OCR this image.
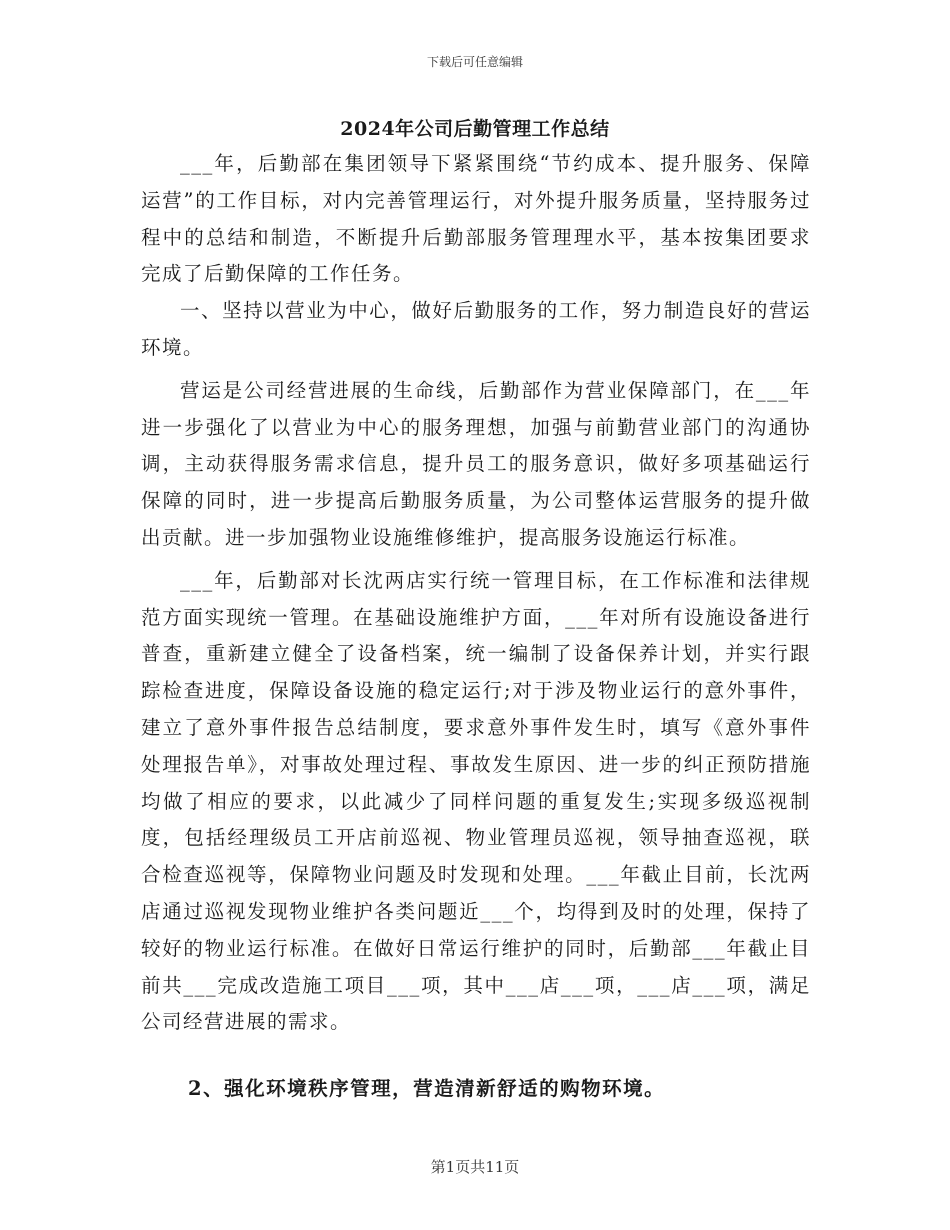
下载后可任意编辑
2024年公司后勤管理工作总结

___年，后勤部在集团领导下紧紧围绕“节约成本、提升服务、保障运营”的工作目标，对内完善管理运行，对外提升服务质量，坚持服务过程中的总结和制造，不断提升后勤部服务管理理水平，基本按集团要求完成了后勤保障的工作任务。

一、坚持以营业为中心，做好后勤服务的工作，努力制造良好的营运环境。

营运是公司经营进展的生命线，后勤部作为营业保障部门，在___年进一步强化了以营业为中心的服务理想，加强与前勤营业部门的沟通协调，主动获得服务需求信息，提升员工的服务意识，做好多项基础运行保障的同时，进一步提高后勤服务质量，为公司整体运营服务的提升做出贡献。进一步加强物业设施维修维护，提高服务设施运行标准。

___年，后勤部对长沈两店实行统一管理目标，在工作标准和法律规范方面实现统一管理。在基础设施维护方面，___年对所有设施设备进行普查，重新建立健全了设备档案，统一编制了设备保养计划，并实行跟踪检查进度，保障设备设施的稳定运行;对于涉及物业运行的意外事件，建立了意外事件报告总结制度，要求意外事件发生时，填写《意外事件处理报告单》，对事故处理过程、事故发生原因、进一步的纠正预防措施均做了相应的要求，以此减少了同样问题的重复发生;实现多级巡视制度，包括经理级员工开店前巡视、物业管理员巡视，领导抽查巡视，联合检查巡视等，保障物业问题及时发现和处理。___年截止目前，长沈两店通过巡视发现物业维护各类问题近___个，均得到及时的处理，保持了较好的物业运行标准。在做好日常运行维护的同时，后勤部___年截止目前共___完成改造施工项目___项，其中___店___项，___店___项，满足公司经营进展的需求。

2、强化环境秩序管理，营造清新舒适的购物环境。
第1页共11页
